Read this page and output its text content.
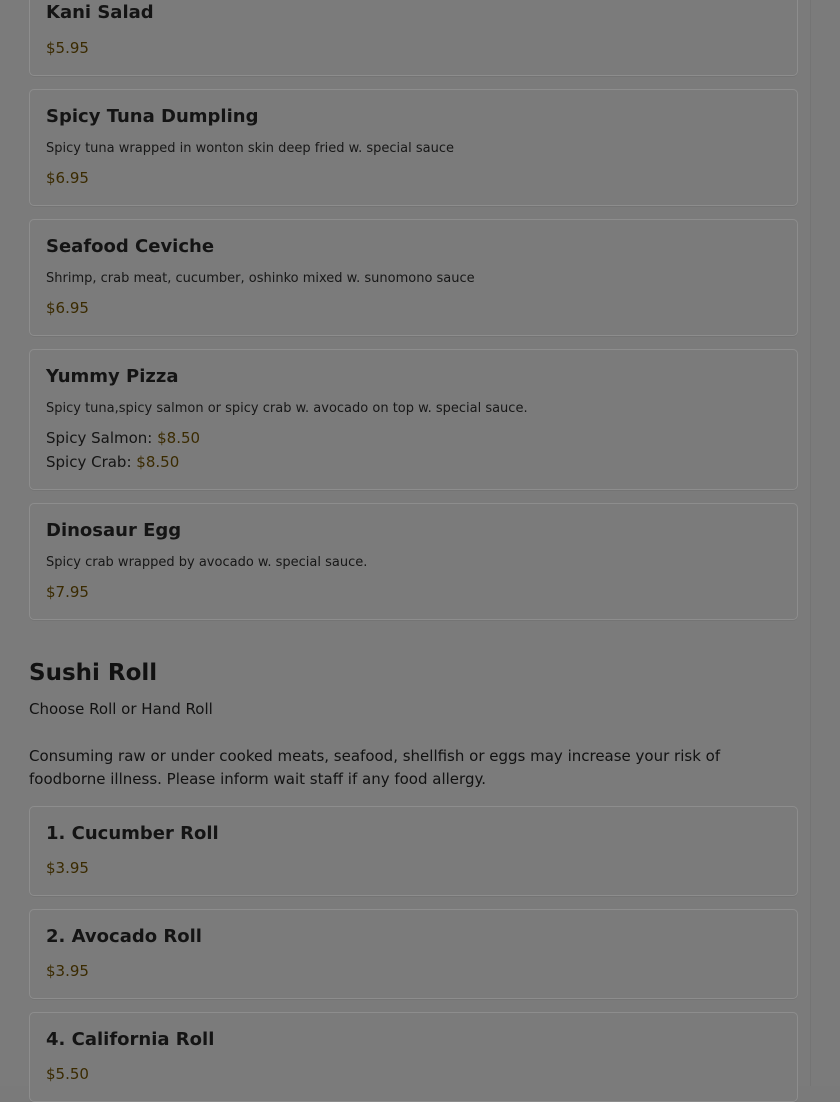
Kani Salad
$5.95
Spicy Tuna Dumpling
Spicy tuna wrapped in wonton skin deep fried w. special sauce
$6.95
Seafood Ceviche
Shrimp, crab meat, cucumber, oshinko mixed w. sunomono sauce
$6.95
Yummy Pizza
Spicy tuna,spicy salmon or spicy crab w. avocado on top w. special sauce.
Spicy Salmon: $8.50
Spicy Crab: $8.50
Dinosaur Egg
Spicy crab wrapped by avocado w. special sauce.
$7.95
Sushi Roll
Choose Roll or Hand Roll
Consuming raw or under cooked meats, seafood, shellfish or eggs may increase your risk of foodborne illness. Please inform wait staff if any food allergy.
1. Cucumber Roll
$3.95
2. Avocado Roll
$3.95
4. California Roll
$5.50
